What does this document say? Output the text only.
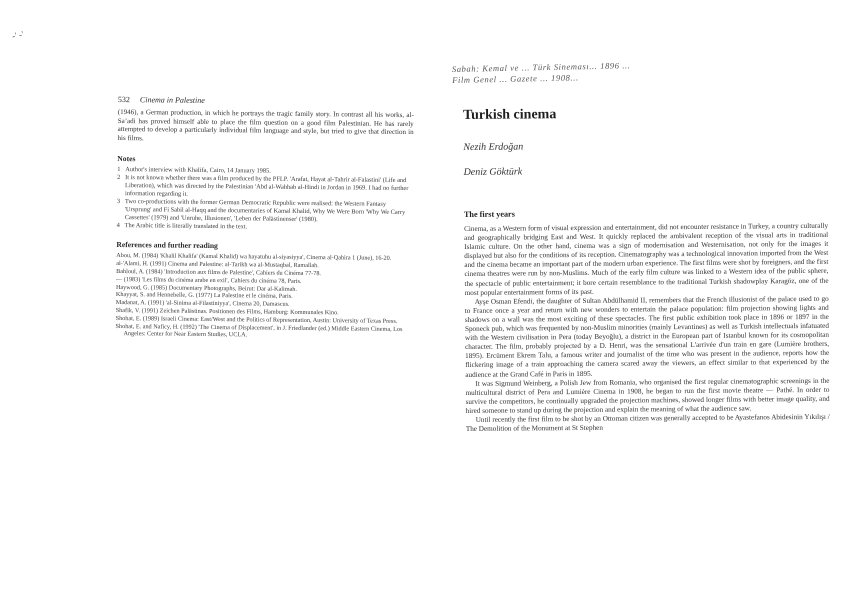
-' -'
Sabah: Kemal ve ... Türk Sineması... 1896 ...
Film Genel ... Gazete ... 1908...
532 Cinema in Palestine

(1946), a German production, in which he portrays the tragic family story. In contrast all his works, al-Sa’adi has proved himself able to place the film question on a good film Palestinian. He has rarely attempted to develop a particularly individual film language and style, but tried to give that direction in his films.

Notes
1 Author's interview with Khalifa, Cairo, 14 January 1985.
2 It is not known whether there was a film produced by the PFLP. 'Arafat, Hayat al-Tahrir al-Falastini' (Life and Liberation), which was directed by the Palestinian 'Abd al-Wahhab al-Hindi in Jordan in 1969. I had no further information regarding it.
3 Two co-productions with the former German Democratic Republic were realised: the Western Fantasy 'Ursprung' and Fi Sabil al-Haqq and the documentaries of Kamal Khalid, Why We Were Born 'Why We Carry Cassettes' (1979) and 'Unruhe, Illusionen', 'Leben der Palästinenser' (1980).
4 The Arabic title is literally translated in the text.
References and further reading
Abou, M. (1984) 'Khalil Khalifa' (Kamal Khalid) wa hayatuhu al-siyasiyya', Cinema al-Qahira 1 (June), 16-20.
al-'Alami, H. (1991) Cinema and Palestine: al-Tarikh wa al-Mustaqbal, Ramallah.
Bahloul, A. (1984) 'Introduction aux films de Palestine', Cahiers du Cinéma 77-78.
— (1983) 'Les films du cinéma arabe en exil', Cahiers du cinéma 78, Paris.
Haywood, G. (1985) Documentary Photographs, Beirut: Dar al-Kalimah.
Khayyat, S. and Hennebelle, G. (1977) La Palestine et le cinéma, Paris.
Madanat, A. (1991) 'al-Sinima al-Filastiniyya', Cinema 20, Damascus.
Shafik, V. (1991) Zeichen Palästinas. Positionen des Films, Hamburg: Kommunales Kino.
Shohat, E. (1989) Israeli Cinema: East/West and the Politics of Representation, Austin: University of Texas Press.
Shohat, E. and Naficy, H. (1992) 'The Cinema of Displacement', in J. Friedlander (ed.) Middle Eastern Cinema, Los Angeles: Center for Near Eastern Studies, UCLA.
Turkish cinema
Nezih Erdoğan
Deniz Göktürk
The first years

Cinema, as a Western form of visual expression and entertainment, did not encounter resistance in Turkey, a country culturally and geographically bridging East and West. It quickly replaced the ambivalent reception of the visual arts in traditional Islamic culture. On the other hand, cinema was a sign of modernisation and Westernisation, not only for the images it displayed but also for the conditions of its reception. Cinematography was a technological innovation imported from the West and the cinema became an important part of the modern urban experience. The first films were shot by foreigners, and the first cinema theatres were run by non-Muslims. Much of the early film culture was linked to a Western idea of the public sphere, the spectacle of public entertainment; it bore certain resemblance to the traditional Turkish shadowplay Karagöz, one of the most popular entertainment forms of its past.

Ayşe Osman Efendi, the daughter of Sultan Abdülhamid II, remembers that the French illusionist of the palace used to go to France once a year and return with new wonders to entertain the palace population: film projection showing lights and shadows on a wall was the most exciting of these spectacles. The first public exhibition took place in 1896 or 1897 in the Sponeck pub, which was frequented by non-Muslim minorities (mainly Levantines) as well as Turkish intellectuals infatuated with the Western civilisation in Pera (today Beyoğlu), a district in the European part of Istanbul known for its cosmopolitan character. The film, probably projected by a D. Henri, was the sensational L'arrivée d'un train en gare (Lumière brothers, 1895). Ercüment Ekrem Talu, a famous writer and journalist of the time who was present in the audience, reports how the flickering image of a train approaching the camera scared away the viewers, an effect similar to that experienced by the audience at the Grand Café in Paris in 1895.

It was Sigmund Weinberg, a Polish Jew from Romania, who organised the first regular cinematographic screenings in the multicultural district of Pera and Lumière Cinema in 1908, he began to run the first movie theatre — Pathé. In order to survive the competitors, he continually upgraded the projection machines, showed longer films with better image quality, and hired someone to stand up during the projection and explain the meaning of what the audience saw.

Until recently the first film to be shot by an Ottoman citizen was generally accepted to be Ayastefanos Abidesinin Yıkılışı / The Demolition of the Monument at St Stephen
